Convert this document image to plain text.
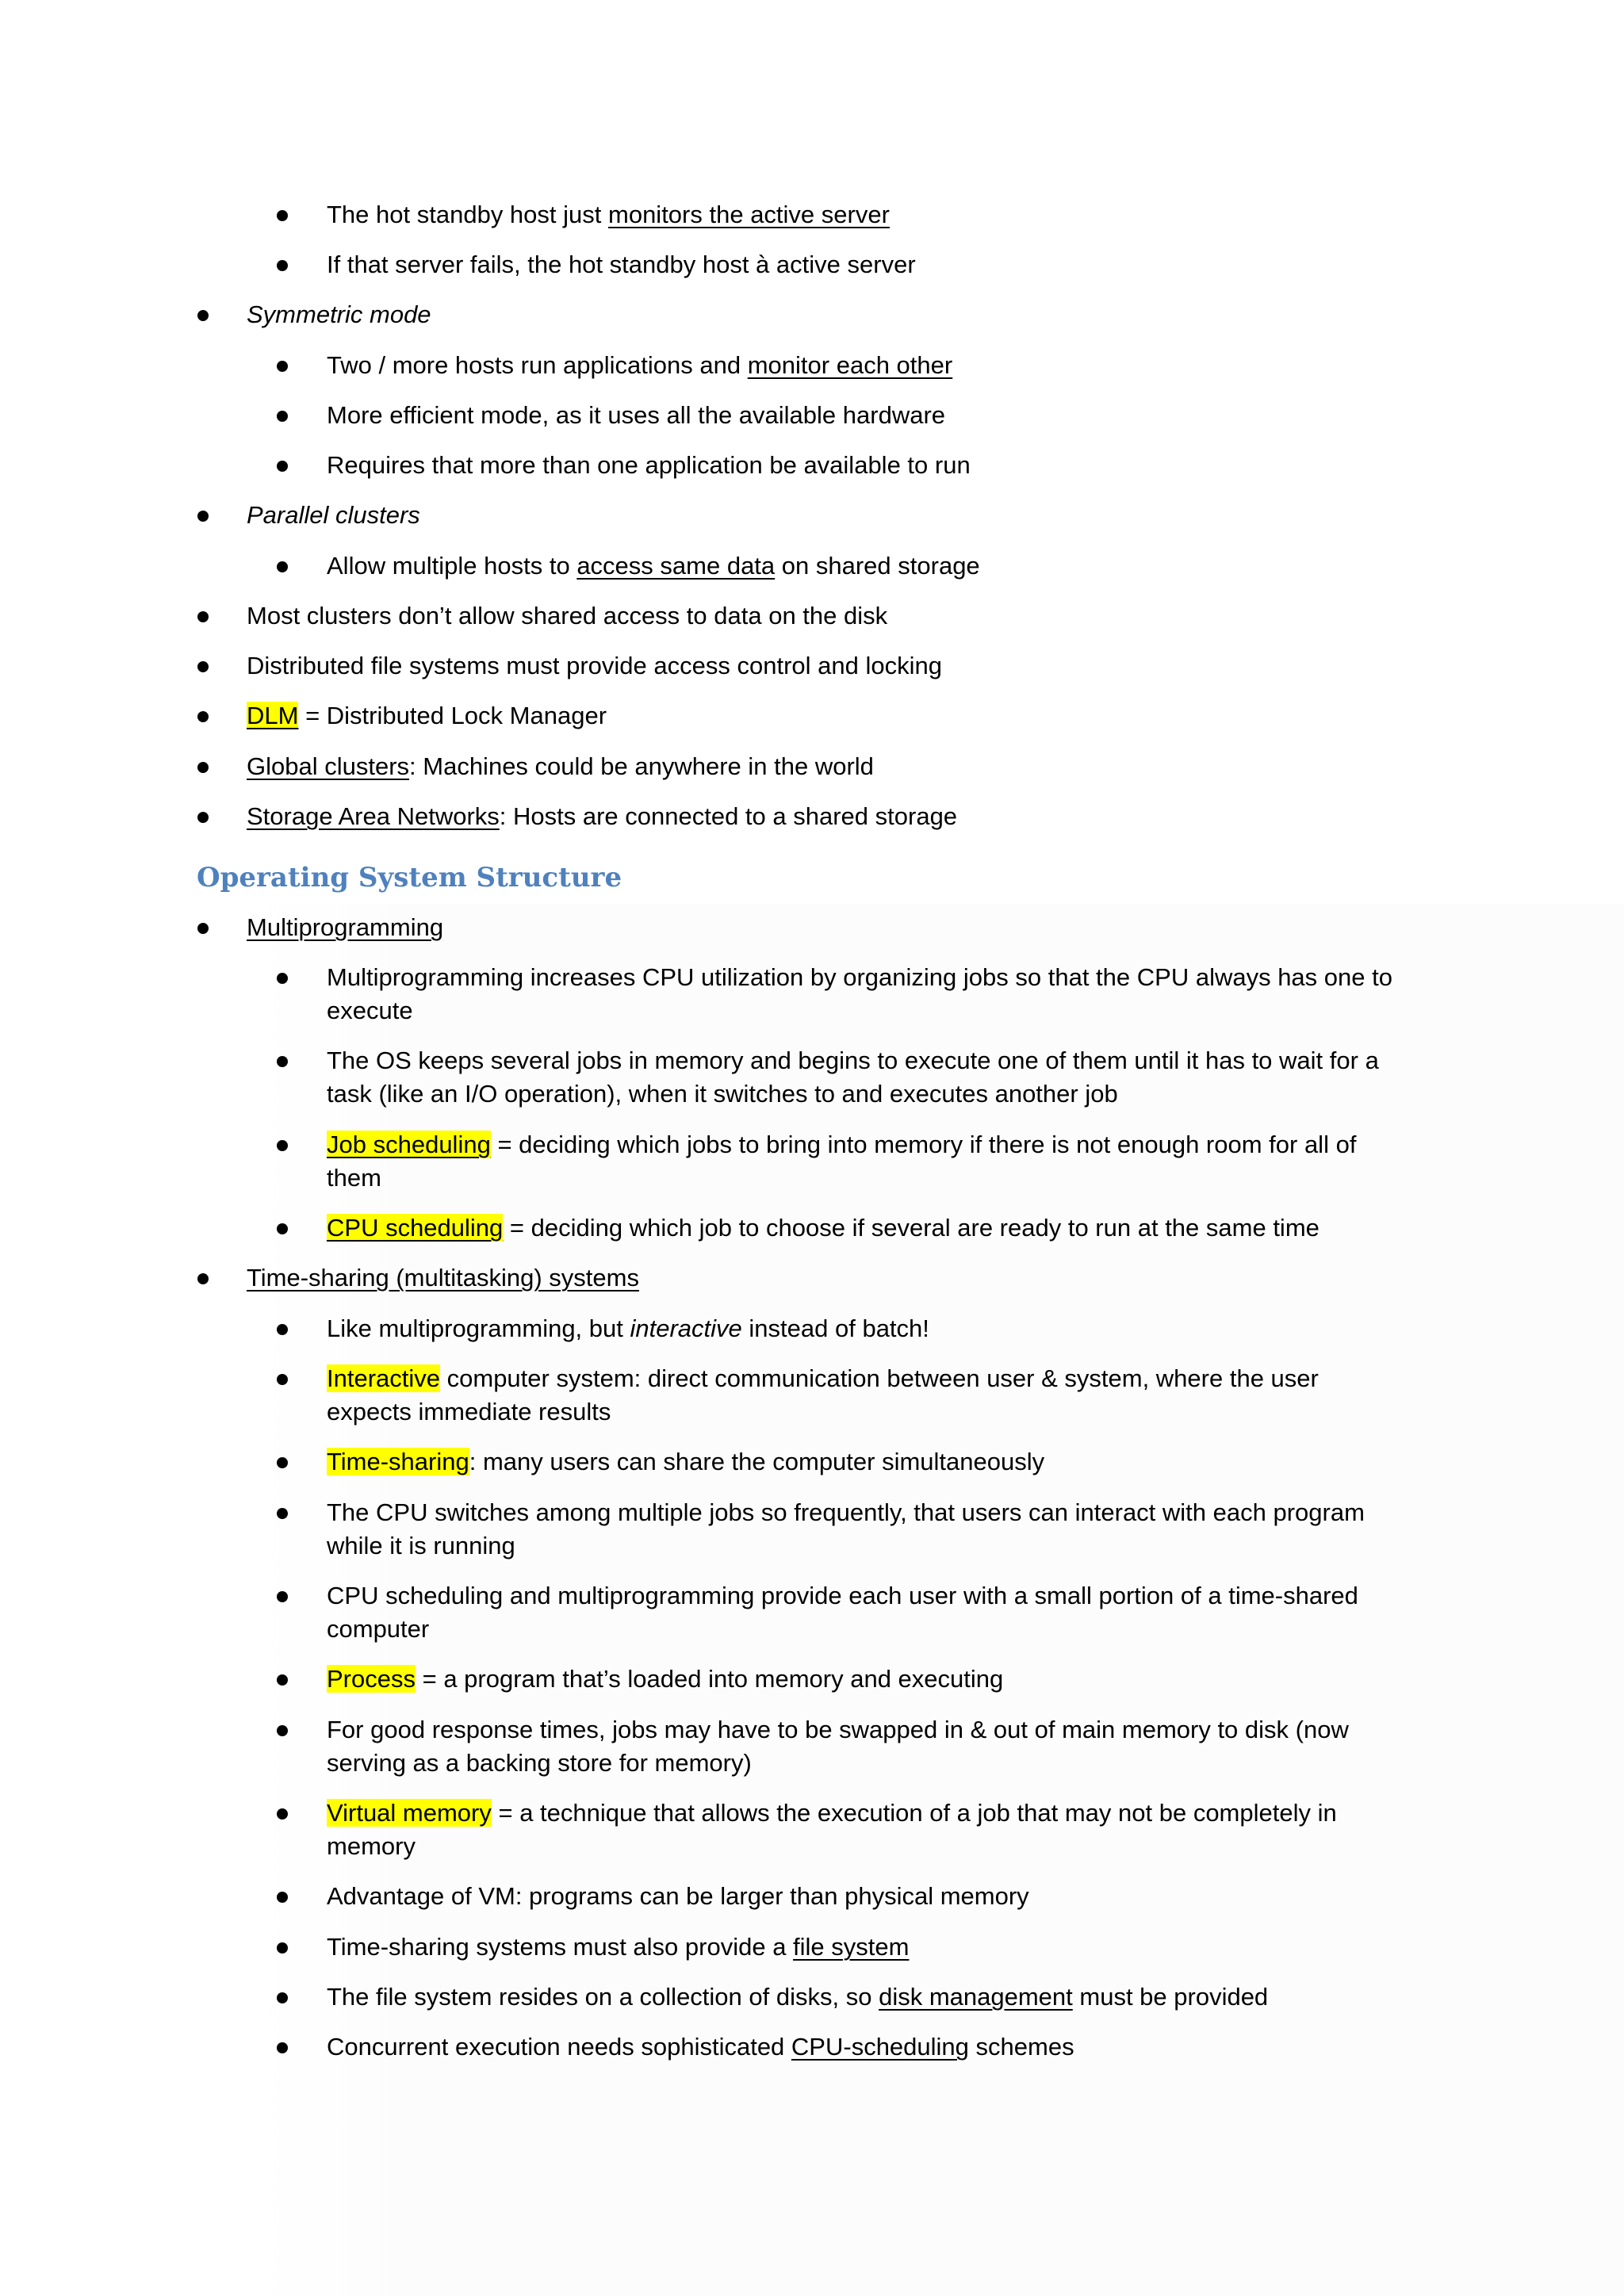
The hot standby host just monitors the active server
If that server fails, the hot standby host à active server
Symmetric mode
Two / more hosts run applications and monitor each other
More efficient mode, as it uses all the available hardware
Requires that more than one application be available to run
Parallel clusters
Allow multiple hosts to access same data on shared storage
Most clusters don’t allow shared access to data on the disk
Distributed file systems must provide access control and locking
DLM = Distributed Lock Manager
Global clusters: Machines could be anywhere in the world
Storage Area Networks: Hosts are connected to a shared storage
Operating System Structure
Multiprogramming
Multiprogramming increases CPU utilization by organizing jobs so that the CPU always has one to
execute
The OS keeps several jobs in memory and begins to execute one of them until it has to wait for a
task (like an I/O operation), when it switches to and executes another job
Job scheduling = deciding which jobs to bring into memory if there is not enough room for all of
them
CPU scheduling = deciding which job to choose if several are ready to run at the same time
Time-sharing (multitasking) systems
Like multiprogramming, but interactive instead of batch!
Interactive computer system: direct communication between user & system, where the user
expects immediate results
Time-sharing: many users can share the computer simultaneously
The CPU switches among multiple jobs so frequently, that users can interact with each program
while it is running
CPU scheduling and multiprogramming provide each user with a small portion of a time-shared
computer
Process = a program that’s loaded into memory and executing
For good response times, jobs may have to be swapped in & out of main memory to disk (now
serving as a backing store for memory)
Virtual memory = a technique that allows the execution of a job that may not be completely in
memory
Advantage of VM: programs can be larger than physical memory
Time-sharing systems must also provide a file system
The file system resides on a collection of disks, so disk management must be provided
Concurrent execution needs sophisticated CPU-scheduling schemes
